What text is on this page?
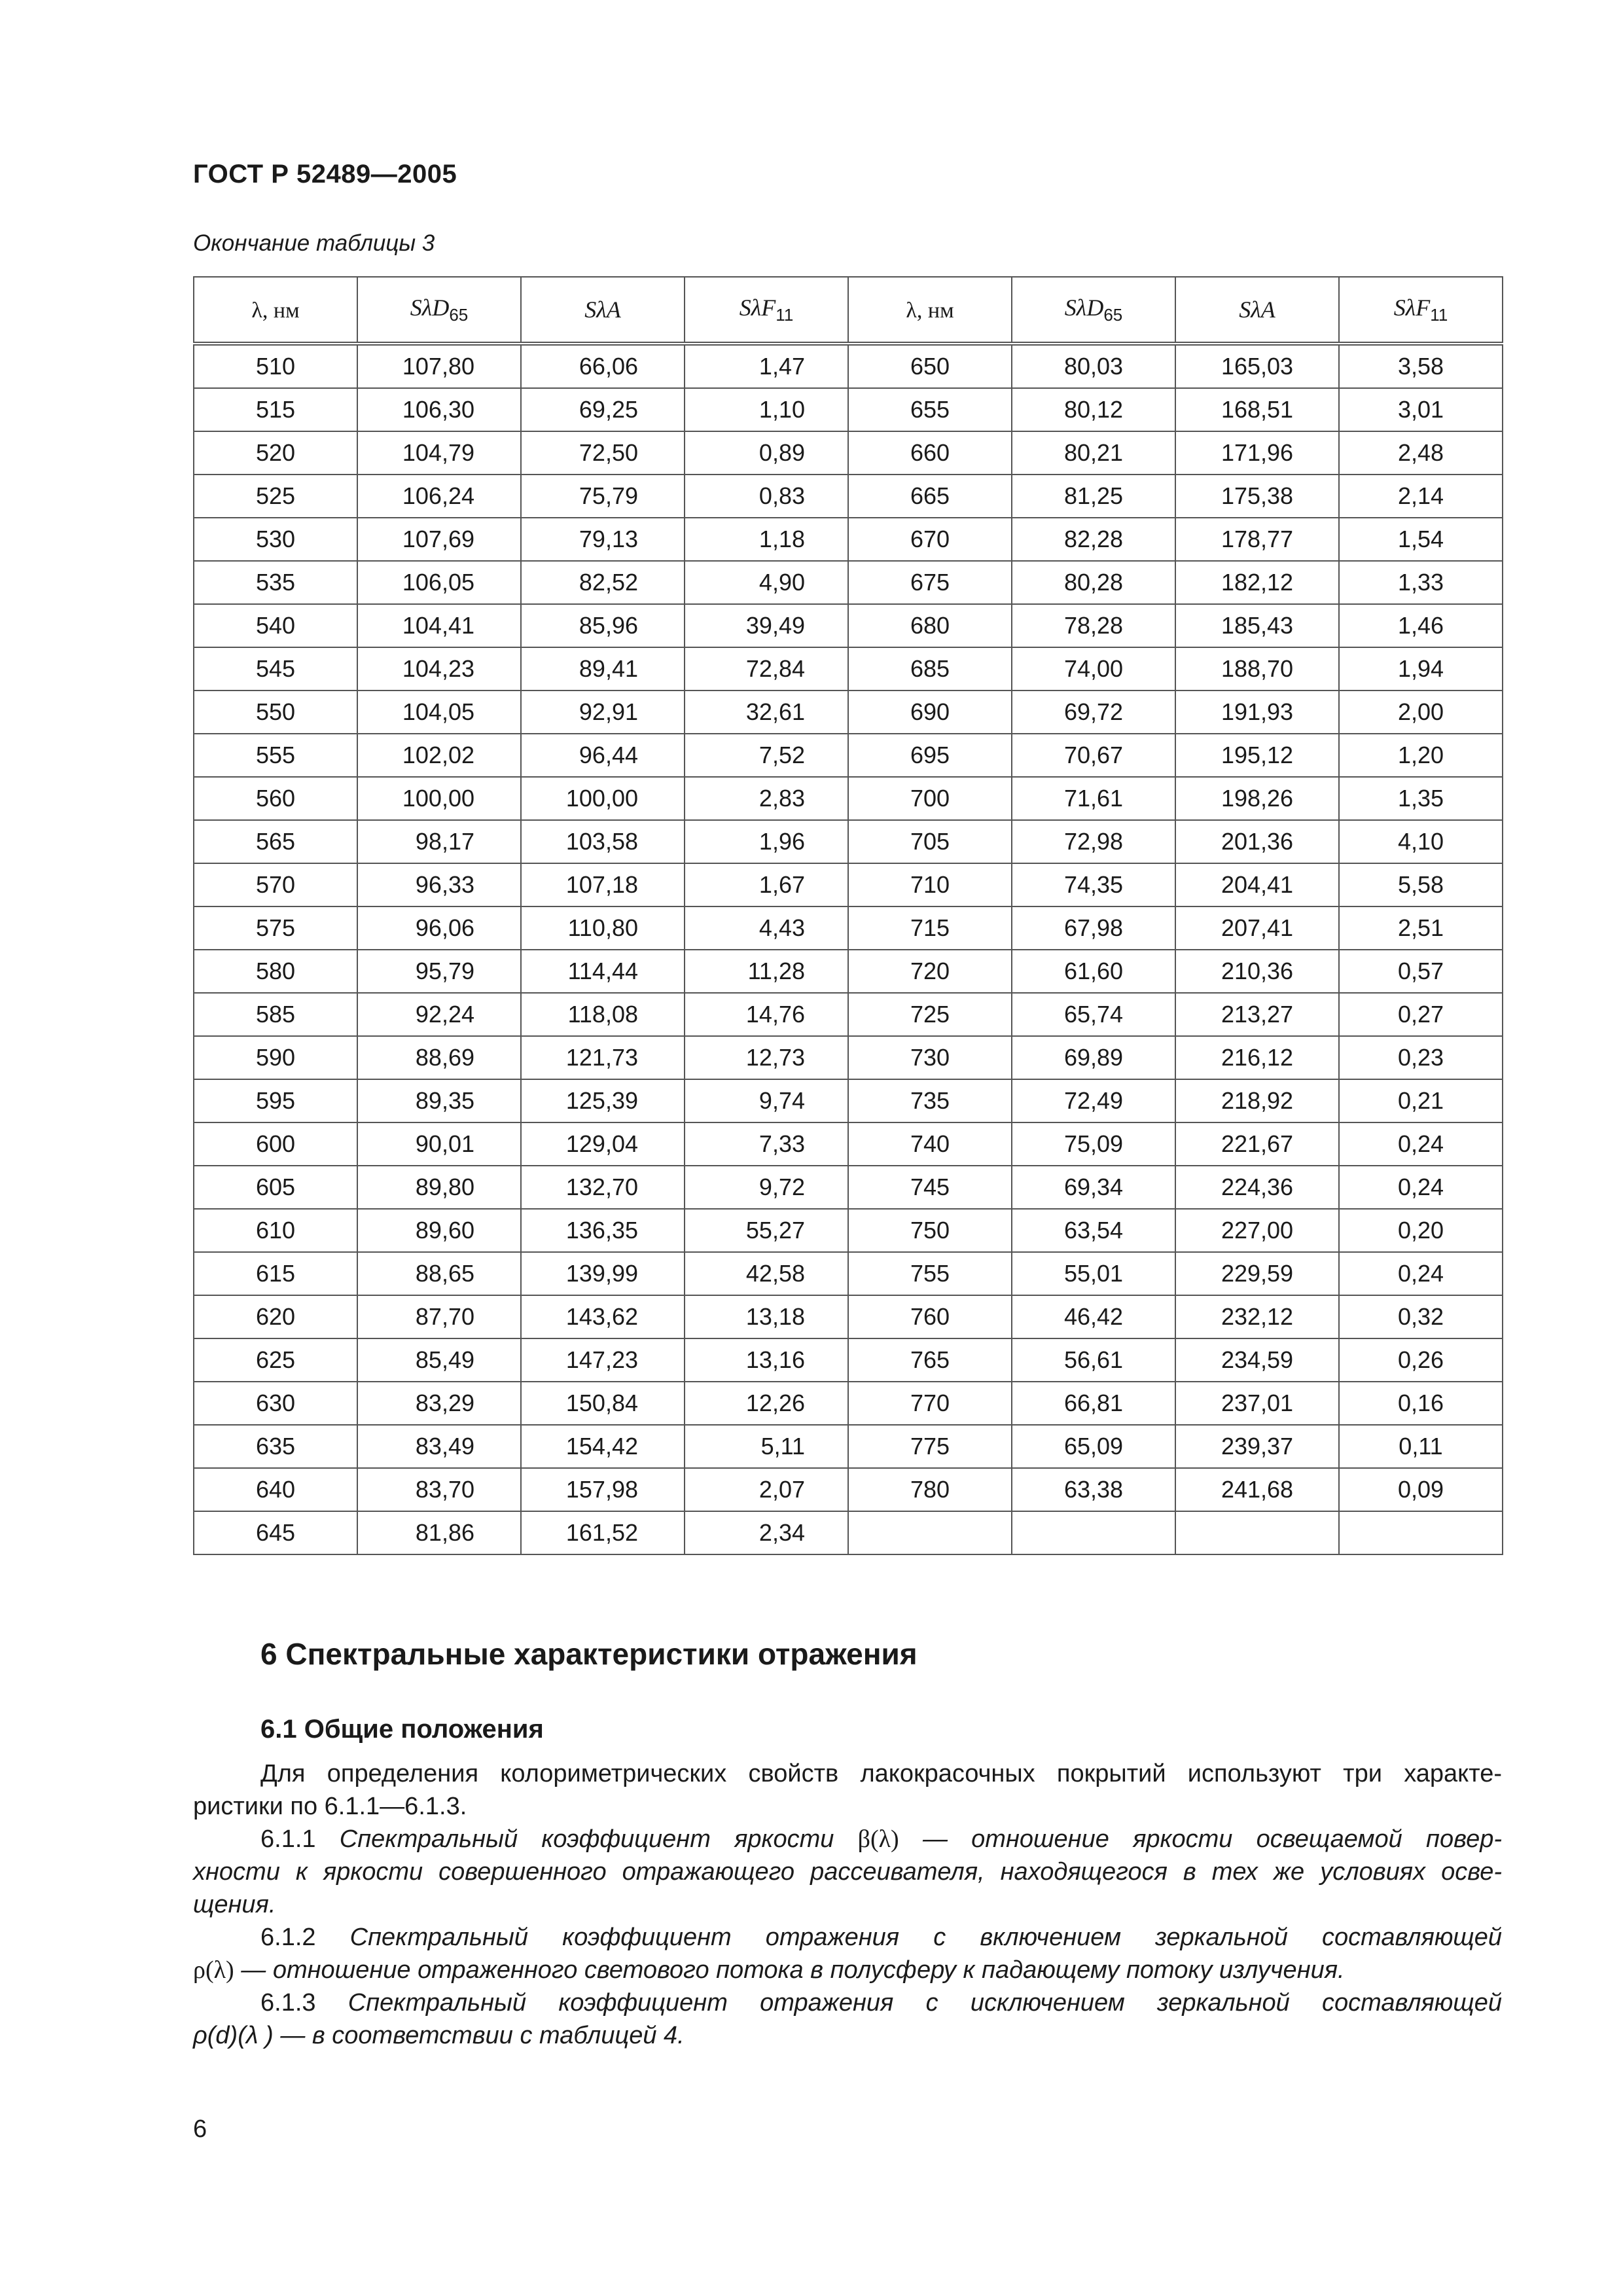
ГОСТ Р 52489—2005
Окончание таблицы 3
λ, нм	SλD$_{65}$	SλA	SλF$_{11}$	λ, нм	SλD$_{65}$	SλA	SλF$_{11}$
510	107,80	66,06	1,47	650	80,03	165,03	3,58
515	106,30	69,25	1,10	655	80,12	168,51	3,01
520	104,79	72,50	0,89	660	80,21	171,96	2,48
525	106,24	75,79	0,83	665	81,25	175,38	2,14
530	107,69	79,13	1,18	670	82,28	178,77	1,54
535	106,05	82,52	4,90	675	80,28	182,12	1,33
540	104,41	85,96	39,49	680	78,28	185,43	1,46
545	104,23	89,41	72,84	685	74,00	188,70	1,94
550	104,05	92,91	32,61	690	69,72	191,93	2,00
555	102,02	96,44	7,52	695	70,67	195,12	1,20
560	100,00	100,00	2,83	700	71,61	198,26	1,35
565	98,17	103,58	1,96	705	72,98	201,36	4,10
570	96,33	107,18	1,67	710	74,35	204,41	5,58
575	96,06	110,80	4,43	715	67,98	207,41	2,51
580	95,79	114,44	11,28	720	61,60	210,36	0,57
585	92,24	118,08	14,76	725	65,74	213,27	0,27
590	88,69	121,73	12,73	730	69,89	216,12	0,23
595	89,35	125,39	9,74	735	72,49	218,92	0,21
600	90,01	129,04	7,33	740	75,09	221,67	0,24
605	89,80	132,70	9,72	745	69,34	224,36	0,24
610	89,60	136,35	55,27	750	63,54	227,00	0,20
615	88,65	139,99	42,58	755	55,01	229,59	0,24
620	87,70	143,62	13,18	760	46,42	232,12	0,32
625	85,49	147,23	13,16	765	56,61	234,59	0,26
630	83,29	150,84	12,26	770	66,81	237,01	0,16
635	83,49	154,42	5,11	775	65,09	239,37	0,11
640	83,70	157,98	2,07	780	63,38	241,68	0,09
645	81,86	161,52	2,34				
6 Спектральные характеристики отражения
6.1 Общие положения
Для определения колориметрических свойств лакокрасочных покрытий используют три характе-
ристики по 6.1.1—6.1.3.
6.1.1 Спектральный коэффициент яркости β(λ) — отношение яркости освещаемой повер-
хности к яркости совершенного отражающего рассеивателя, находящегося в тех же условиях осве-
щения.
6.1.2 Спектральный коэффициент отражения с включением зеркальной составляющей
ρ(λ) — отношение отраженного светового потока в полусферу к падающему потоку излучения.
6.1.3 Спектральный коэффициент отражения с исключением зеркальной составляющей
ρ(d)(λ ) — в соответствии с таблицей 4.
6
